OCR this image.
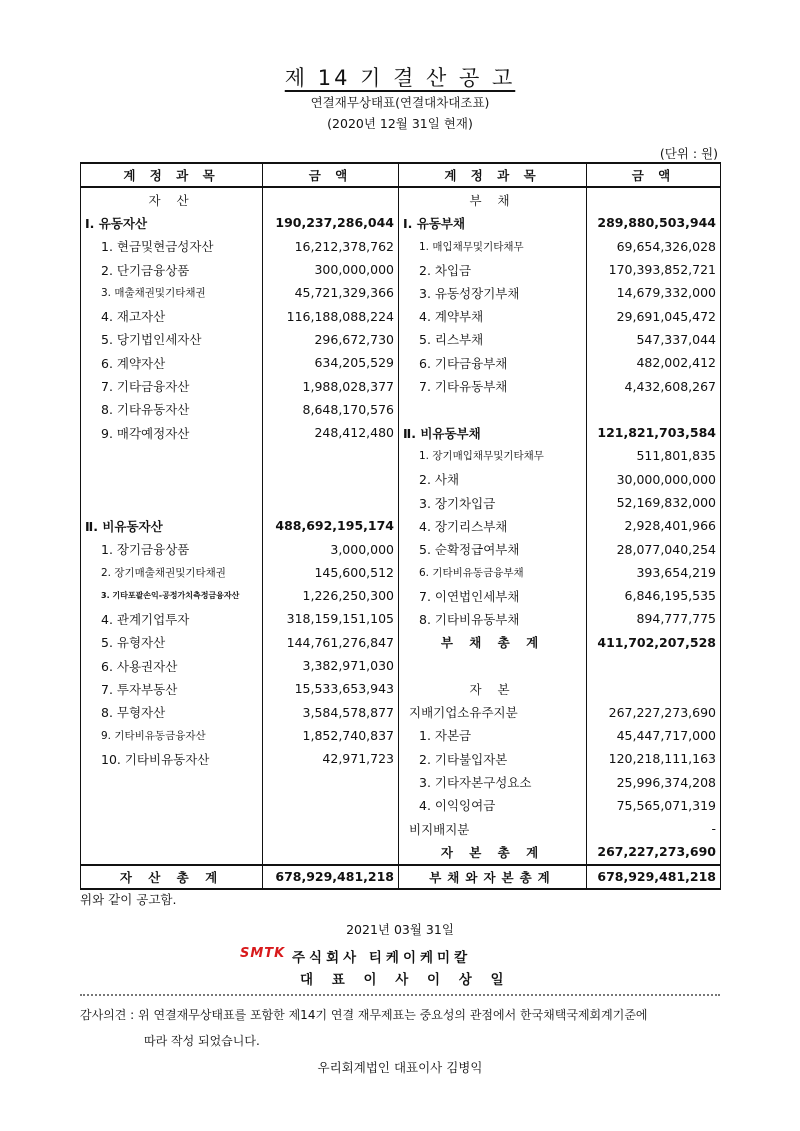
제 14 기 결 산 공 고
연결재무상태표(연결대차대조표)
(2020년 12월 31일 현재)
(단위 : 원)
계 정 과 목	금 액	계 정 과 목	금 액
자 산		부 채	
Ⅰ. 유동자산	190,237,286,044	Ⅰ. 유동부채	289,880,503,944
1. 현금및현금성자산	16,212,378,762	1. 매입채무및기타채무	69,654,326,028
2. 단기금융상품	300,000,000	2. 차입금	170,393,852,721
3. 매출채권및기타채권	45,721,329,366	3. 유동성장기부채	14,679,332,000
4. 재고자산	116,188,088,224	4. 계약부채	29,691,045,472
5. 당기법인세자산	296,672,730	5. 리스부채	547,337,044
6. 계약자산	634,205,529	6. 기타금융부채	482,002,412
7. 기타금융자산	1,988,028,377	7. 기타유동부채	4,432,608,267
8. 기타유동자산	8,648,170,576		
9. 매각예정자산	248,412,480	Ⅱ. 비유동부채	121,821,703,584
		1. 장기매입채무및기타채무	511,801,835
		2. 사채	30,000,000,000
		3. 장기차입금	52,169,832,000
Ⅱ. 비유동자산	488,692,195,174	4. 장기리스부채	2,928,401,966
1. 장기금융상품	3,000,000	5. 순확정급여부채	28,077,040,254
2. 장기매출채권및기타채권	145,600,512	6. 기타비유동금융부채	393,654,219
3. 기타포괄손익-공정가치측정금융자산	1,226,250,300	7. 이연법인세부채	6,846,195,535
4. 관계기업투자	318,159,151,105	8. 기타비유동부채	894,777,775
5. 유형자산	144,761,276,847	부 채 총 계	411,702,207,528
6. 사용권자산	3,382,971,030		
7. 투자부동산	15,533,653,943	자 본	
8. 무형자산	3,584,578,877	지배기업소유주지분	267,227,273,690
9. 기타비유동금융자산	1,852,740,837	1. 자본금	45,447,717,000
10. 기타비유동자산	42,971,723	2. 기타불입자본	120,218,111,163
		3. 기타자본구성요소	25,996,374,208
		4. 이익잉여금	75,565,071,319
		비지배지분	-
		자 본 총 계	267,227,273,690
자 산 총 계	678,929,481,218	부채와자본총계	678,929,481,218
위와 같이 공고함.
2021년 03월 31일
SMTK 주식회사 티케이케미칼
대 표 이 사 이 상 일
감사의견 : 위 연결재무상태표를 포함한 제14기 연결 재무제표는 중요성의 관점에서 한국채택국제회계기준에
따라 작성 되었습니다.
우리회계법인 대표이사 김병익
